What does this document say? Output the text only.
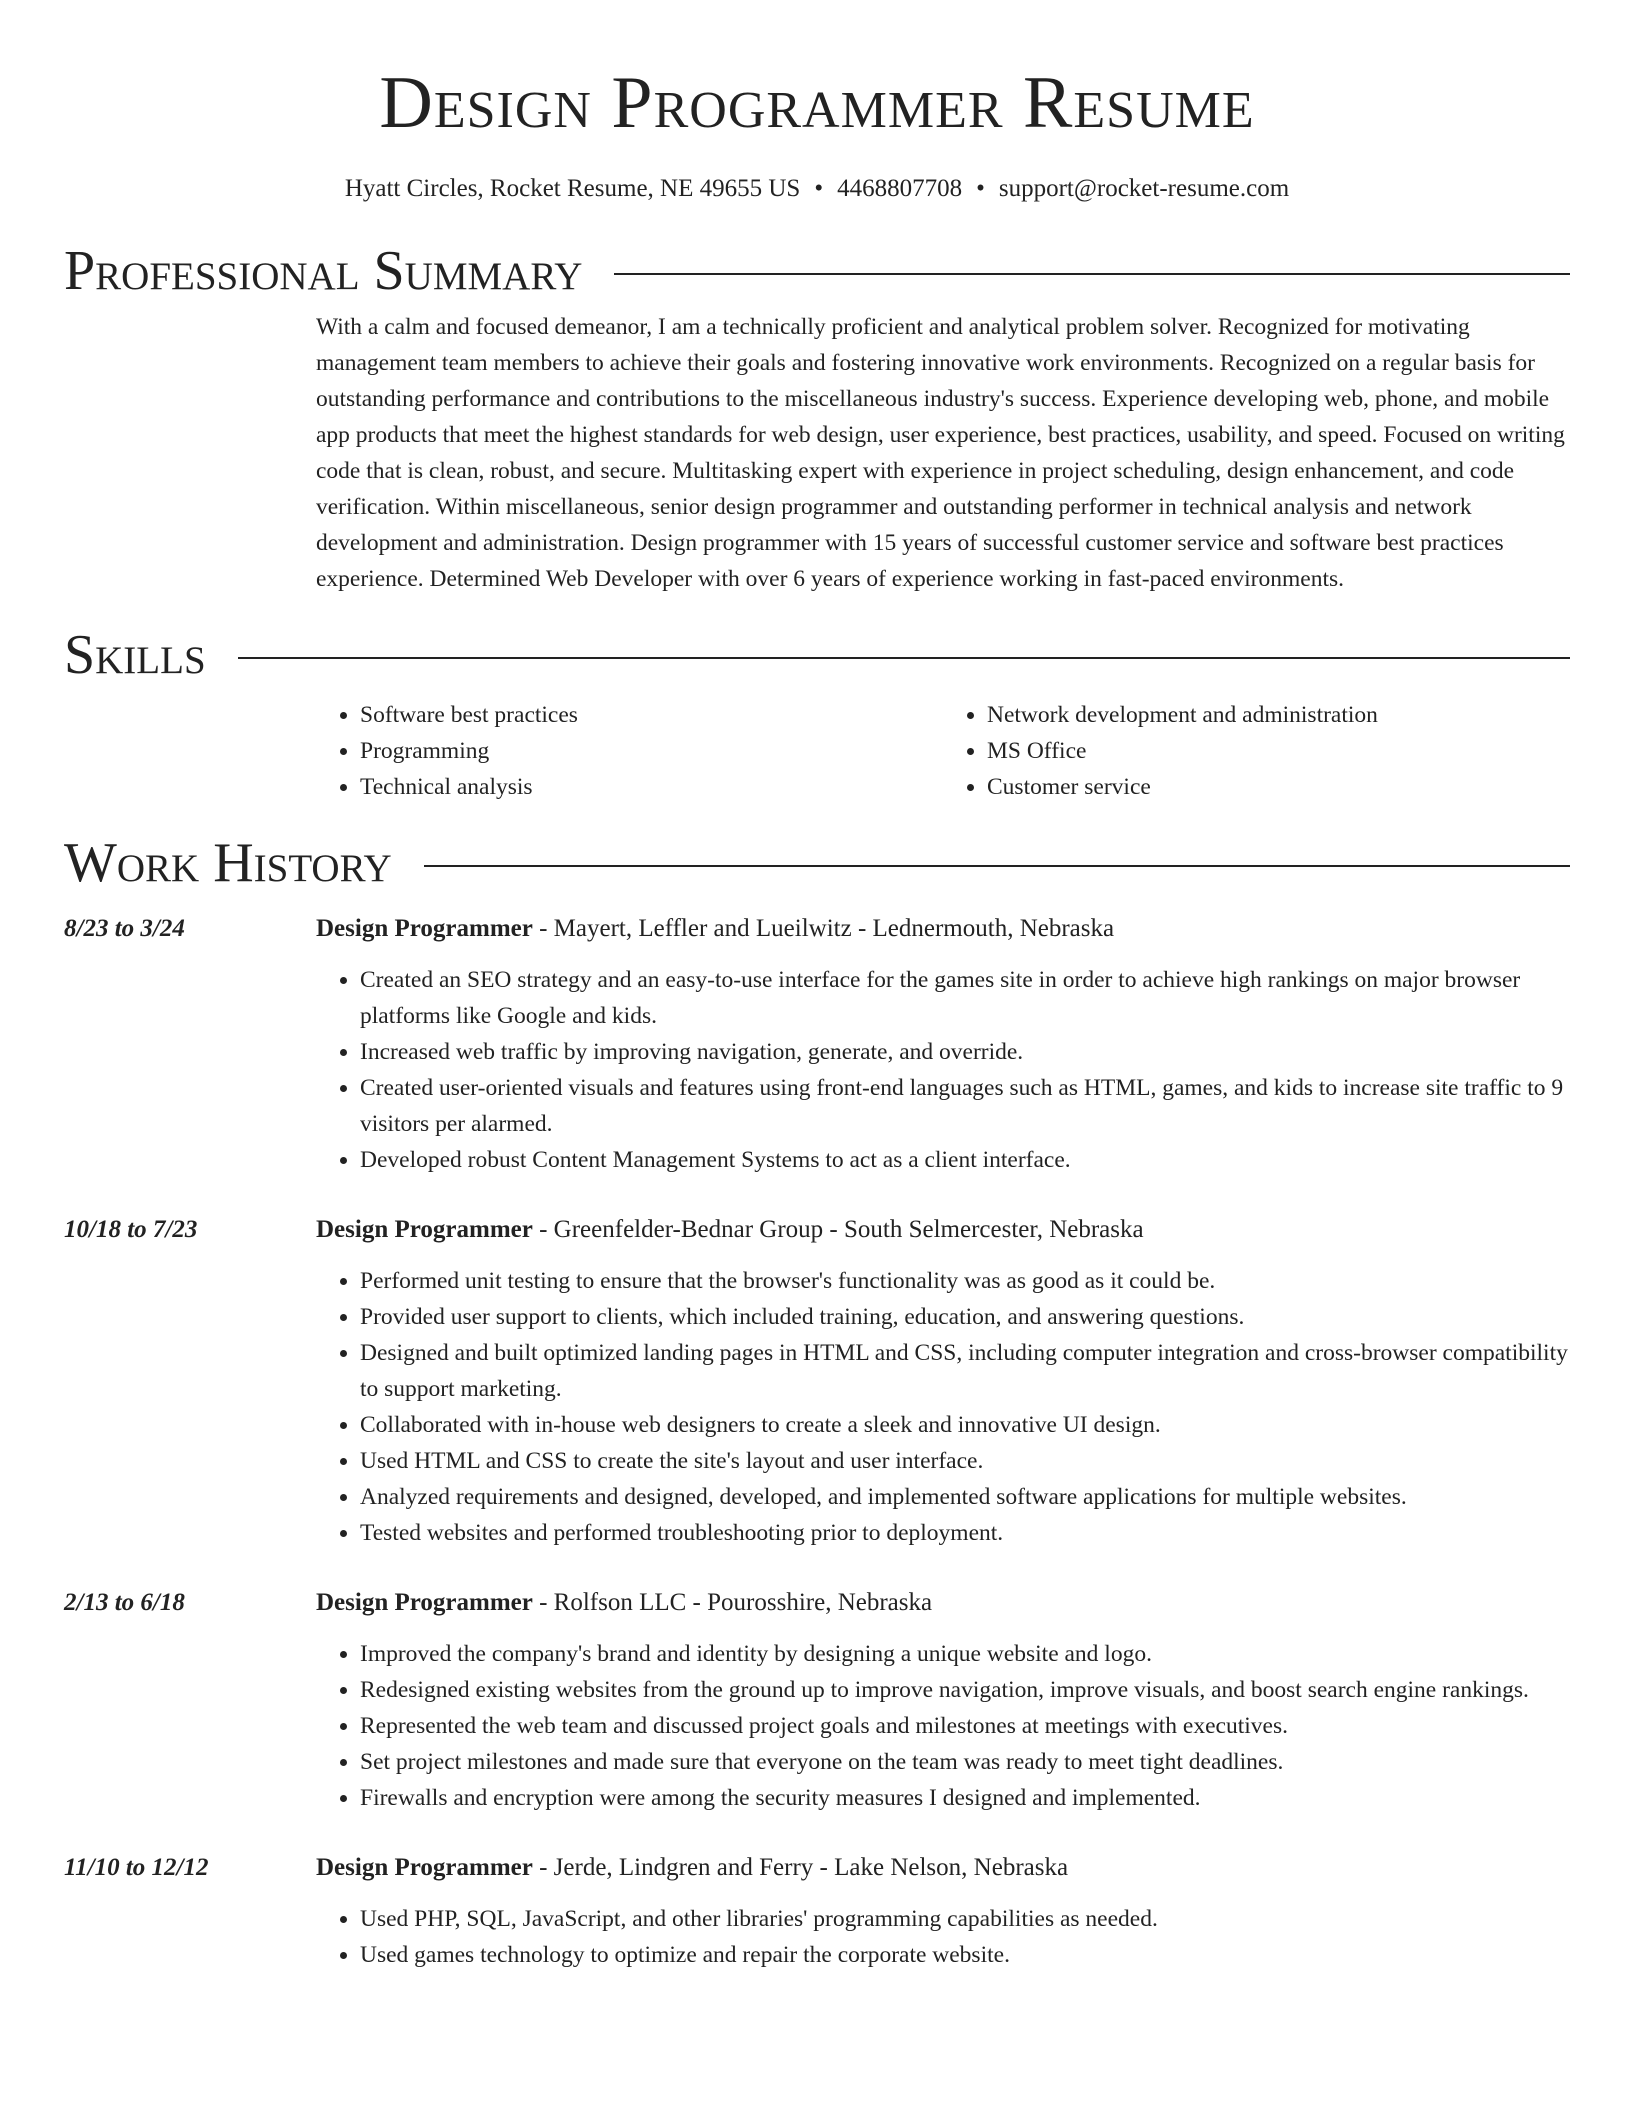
Design Programmer Resume
Hyatt Circles, Rocket Resume, NE 49655 US • 4468807708 • support@rocket-resume.com
Professional Summary
With a calm and focused demeanor, I am a technically proficient and analytical problem solver. Recognized for motivating management team members to achieve their goals and fostering innovative work environments. Recognized on a regular basis for outstanding performance and contributions to the miscellaneous industry's success. Experience developing web, phone, and mobile app products that meet the highest standards for web design, user experience, best practices, usability, and speed. Focused on writing code that is clean, robust, and secure. Multitasking expert with experience in project scheduling, design enhancement, and code verification. Within miscellaneous, senior design programmer and outstanding performer in technical analysis and network development and administration. Design programmer with 15 years of successful customer service and software best practices experience. Determined Web Developer with over 6 years of experience working in fast-paced environments.
Skills
• Software best practices
• Programming
• Technical analysis
• Network development and administration
• MS Office
• Customer service
Work History
8/23 to 3/24	Design Programmer - Mayert, Leffler and Lueilwitz - Lednermouth, Nebraska
• Created an SEO strategy and an easy-to-use interface for the games site in order to achieve high rankings on major browser platforms like Google and kids.
• Increased web traffic by improving navigation, generate, and override.
• Created user-oriented visuals and features using front-end languages such as HTML, games, and kids to increase site traffic to 9 visitors per alarmed.
• Developed robust Content Management Systems to act as a client interface.
10/18 to 7/23	Design Programmer - Greenfelder-Bednar Group - South Selmercester, Nebraska
• Performed unit testing to ensure that the browser's functionality was as good as it could be.
• Provided user support to clients, which included training, education, and answering questions.
• Designed and built optimized landing pages in HTML and CSS, including computer integration and cross-browser compatibility to support marketing.
• Collaborated with in-house web designers to create a sleek and innovative UI design.
• Used HTML and CSS to create the site's layout and user interface.
• Analyzed requirements and designed, developed, and implemented software applications for multiple websites.
• Tested websites and performed troubleshooting prior to deployment.
2/13 to 6/18	Design Programmer - Rolfson LLC - Pourosshire, Nebraska
• Improved the company's brand and identity by designing a unique website and logo.
• Redesigned existing websites from the ground up to improve navigation, improve visuals, and boost search engine rankings.
• Represented the web team and discussed project goals and milestones at meetings with executives.
• Set project milestones and made sure that everyone on the team was ready to meet tight deadlines.
• Firewalls and encryption were among the security measures I designed and implemented.
11/10 to 12/12	Design Programmer - Jerde, Lindgren and Ferry - Lake Nelson, Nebraska
• Used PHP, SQL, JavaScript, and other libraries' programming capabilities as needed.
• Used games technology to optimize and repair the corporate website.
